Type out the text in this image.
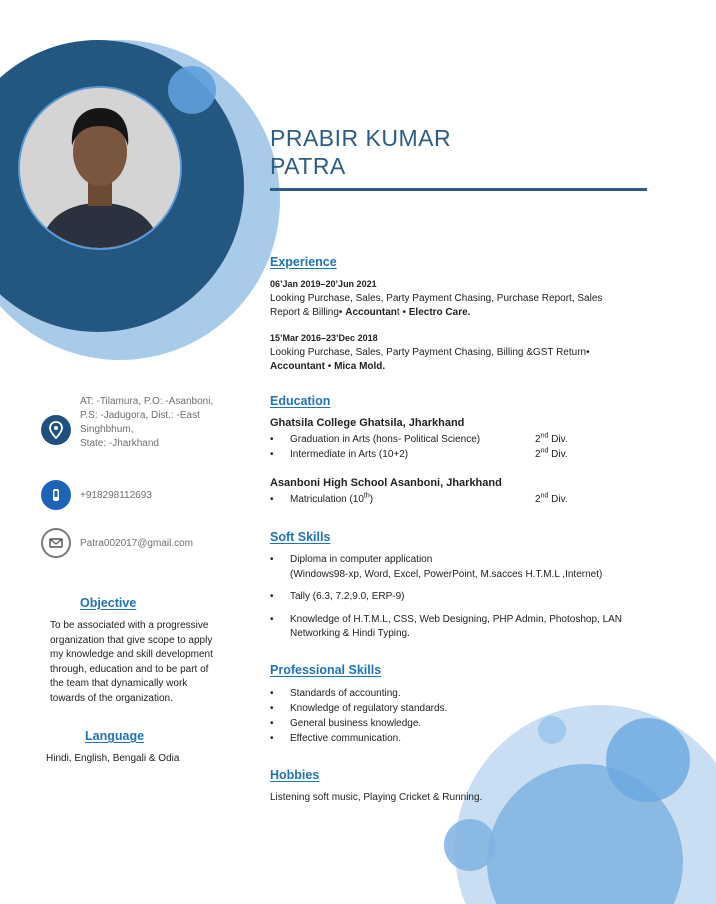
PRABIR KUMAR
PATRA
Experience

06’Jan 2019–20’Jun 2021

Looking Purchase, Sales, Party Payment Chasing, Purchase Report, Sales

Report & Billing• Accountant • Electro Care.

15’Mar 2016–23’Dec 2018

Looking Purchase, Sales, Party Payment Chasing, Billing &GST Return•

Accountant • Mica Mold.

Education
Ghatsila College Ghatsila, Jharkhand
• Graduation in Arts (hons- Political Science)	2nd Div.
• Intermediate in Arts (10+2)	2nd Div.
Asanboni High School Asanboni, Jharkhand
• Matriculation (10th)	2nd Div.
Soft Skills
• Diploma in computer application
(Windows98-xp, Word, Excel, PowerPoint, M.sacces H.T.M.L ,Internet)
• Tally (6.3, 7.2,9.0, ERP-9)
• Knowledge of H.T.M.L, CSS, Web Designing, PHP Admin, Photoshop, LAN
Networking & Hindi Typing.
Professional Skills
• Standards of accounting.
• Knowledge of regulatory standards.
• General business knowledge.
• Effective communication.
Hobbies
Listening soft music, Playing Cricket & Running.
AT: -Tilamura, P.O: -Asanboni,
P.S: -Jadugora, Dist.: -East
Singhbhum,
State: -Jharkhand
+918298112693
Patra002017@gmail.com
Objective
To be associated with a progressive
organization that give scope to apply
my knowledge and skill development
through, education and to be part of
the team that dynamically work
towards of the organization.
Language
Hindi, English, Bengali & Odia
